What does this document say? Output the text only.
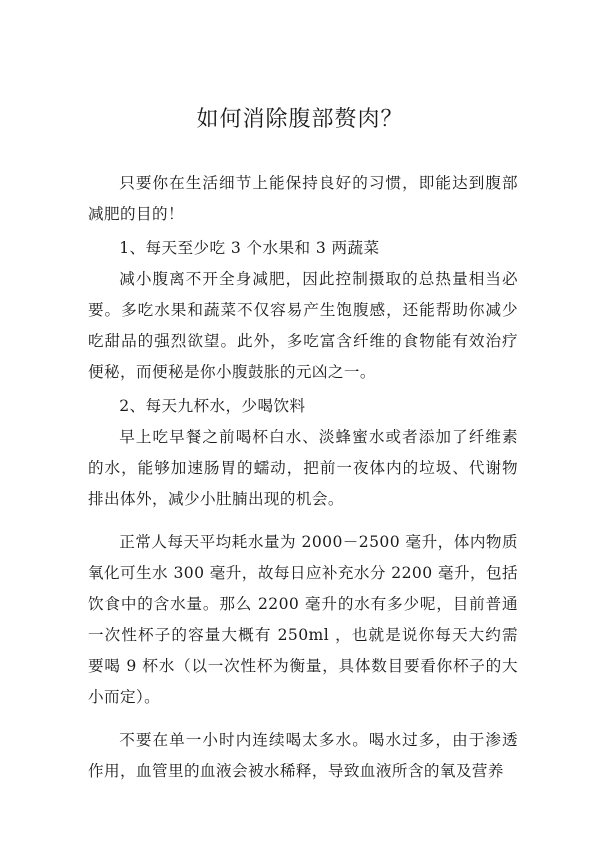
如何消除腹部赘肉？

只要你在生活细节上能保持良好的习惯，即能达到腹部减肥的目的！

1、每天至少吃 3 个水果和 3 两蔬菜

减小腹离不开全身减肥，因此控制摄取的总热量相当必要。多吃水果和蔬菜不仅容易产生饱腹感，还能帮助你减少吃甜品的强烈欲望。此外，多吃富含纤维的食物能有效治疗便秘，而便秘是你小腹鼓胀的元凶之一。

2、每天九杯水，少喝饮料

早上吃早餐之前喝杯白水、淡蜂蜜水或者添加了纤维素的水，能够加速肠胃的蠕动，把前一夜体内的垃圾、代谢物排出体外，减少小肚腩出现的机会。

正常人每天平均耗水量为 2000－2500 毫升，体内物质氧化可生水 300 毫升，故每日应补充水分 2200 毫升，包括饮食中的含水量。那么 2200 毫升的水有多少呢，目前普通一次性杯子的容量大概有 250ml ，也就是说你每天大约需要喝 9 杯水（以一次性杯为衡量，具体数目要看你杯子的大小而定）。

不要在单一小时内连续喝太多水。喝水过多，由于渗透作用，血管里的血液会被水稀释，导致血液所含的氧及营养
